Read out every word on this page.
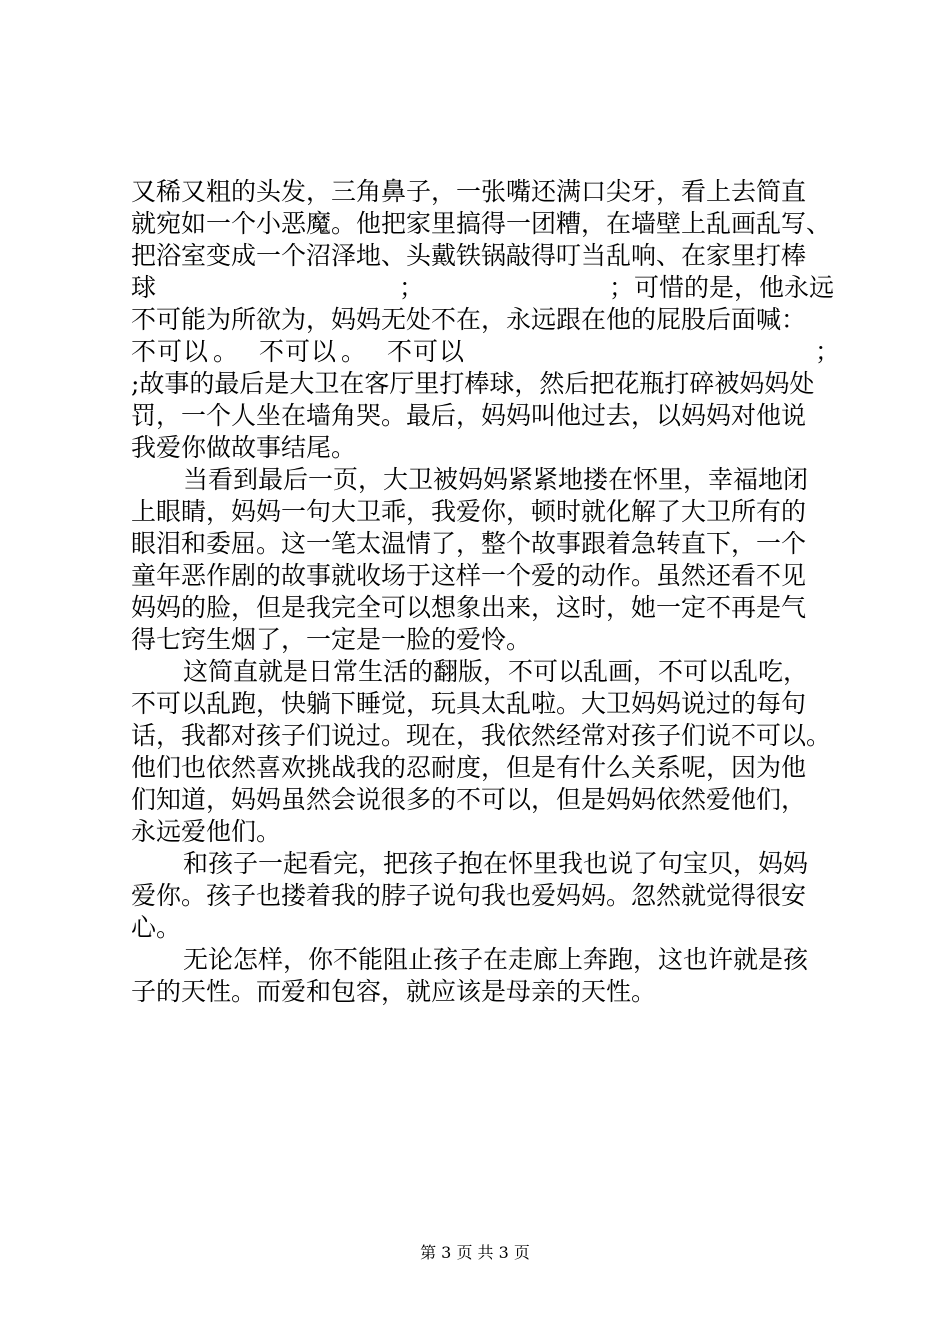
又稀又粗的头发，三角鼻子，一张嘴还满口尖牙，看上去简直
就宛如一个小恶魔。他把家里搞得一团糟，在墙壁上乱画乱写、
把浴室变成一个沼泽地、头戴铁锅敲得叮当乱响、在家里打棒
球	；	；可惜的是，他永远
不可能为所欲为，妈妈无处不在，永远跟在他的屁股后面喊：
不 可 以 。 不 可 以 。 不 可 以	；
;故事的最后是大卫在客厅里打棒球，然后把花瓶打碎被妈妈处
罚，一个人坐在墙角哭。最后，妈妈叫他过去，以妈妈对他说
我爱你做故事结尾。
当看到最后一页，大卫被妈妈紧紧地搂在怀里，幸福地闭
上眼睛，妈妈一句大卫乖，我爱你，顿时就化解了大卫所有的
眼泪和委屈。这一笔太温情了，整个故事跟着急转直下，一个
童年恶作剧的故事就收场于这样一个爱的动作。虽然还看不见
妈妈的脸，但是我完全可以想象出来，这时，她一定不再是气
得七窍生烟了，一定是一脸的爱怜。
这简直就是日常生活的翻版，不可以乱画，不可以乱吃，
不可以乱跑，快躺下睡觉，玩具太乱啦。大卫妈妈说过的每句
话，我都对孩子们说过。现在，我依然经常对孩子们说不可以。
他们也依然喜欢挑战我的忍耐度，但是有什么关系呢，因为他
们知道，妈妈虽然会说很多的不可以，但是妈妈依然爱他们，
永远爱他们。
和孩子一起看完，把孩子抱在怀里我也说了句宝贝，妈妈
爱你。孩子也搂着我的脖子说句我也爱妈妈。忽然就觉得很安
心。
无论怎样，你不能阻止孩子在走廊上奔跑，这也许就是孩
子的天性。而爱和包容，就应该是母亲的天性。
第 3 页 共 3 页
